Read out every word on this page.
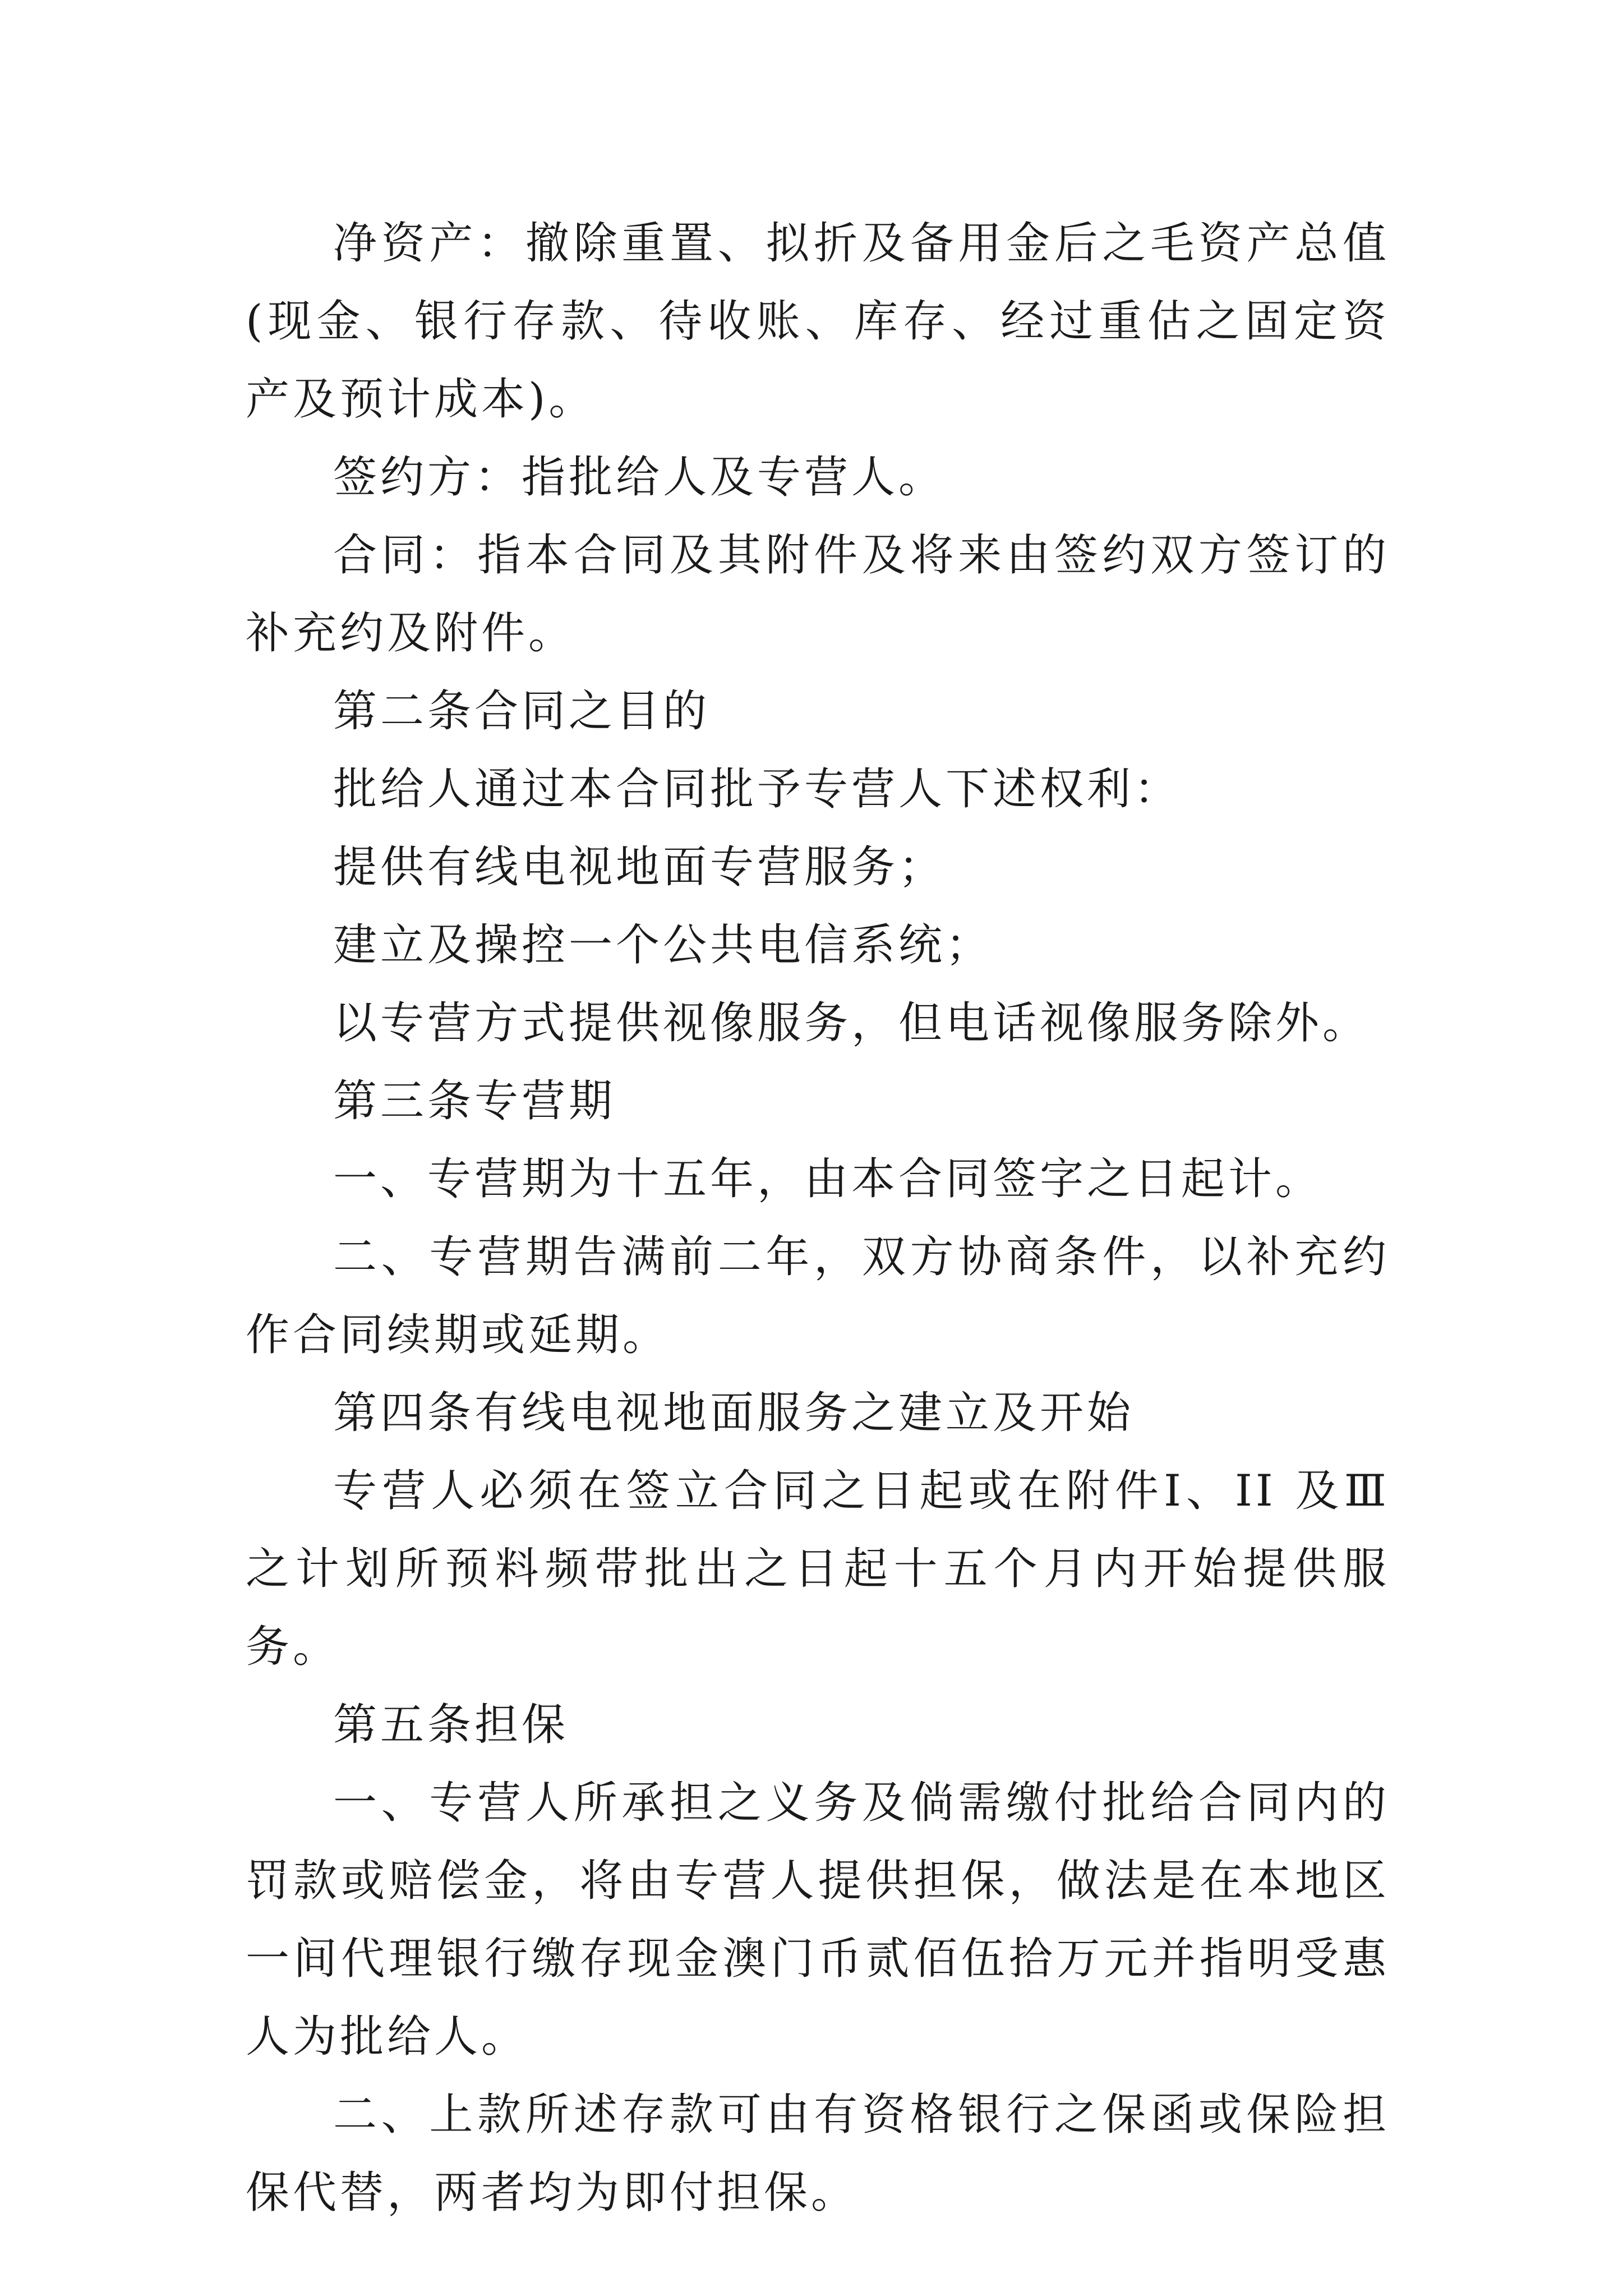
净资产：撤除重置、拟折及备用金后之毛资产总值(现金、银行存款、待收账、库存、经过重估之固定资产及预计成本)。

签约方：指批给人及专营人。

合同：指本合同及其附件及将来由签约双方签订的补充约及附件。

第二条合同之目的

批给人通过本合同批予专营人下述权利：

提供有线电视地面专营服务；

建立及操控一个公共电信系统；

以专营方式提供视像服务，但电话视像服务除外。

第三条专营期

一、专营期为十五年，由本合同签字之日起计。

二、专营期告满前二年，双方协商条件，以补充约作合同续期或延期。

第四条有线电视地面服务之建立及开始

专营人必须在签立合同之日起或在附件Ⅰ、II 及Ⅲ之计划所预料频带批出之日起十五个月内开始提供服务。

第五条担保

一、专营人所承担之义务及倘需缴付批给合同内的罚款或赔偿金，将由专营人提供担保，做法是在本地区一间代理银行缴存现金澳门币贰佰伍拾万元并指明受惠人为批给人。

二、上款所述存款可由有资格银行之保函或保险担保代替，两者均为即付担保。
